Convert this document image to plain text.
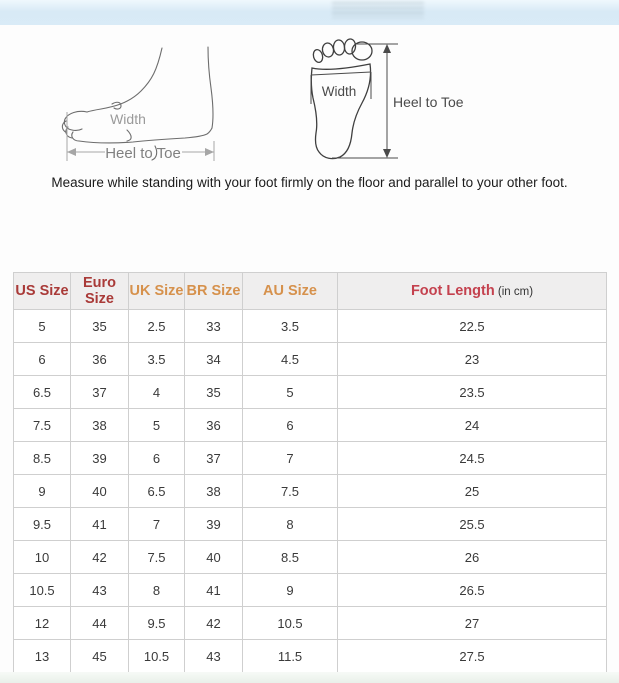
Width
Heel to Toe
Width
Heel to Toe
Measure while standing with your foot firmly on the floor and parallel to your other foot.
US Size	Euro Size	UK Size	BR Size	AU Size	Foot Length (in cm)
5	35	2.5	33	3.5	22.5
6	36	3.5	34	4.5	23
6.5	37	4	35	5	23.5
7.5	38	5	36	6	24
8.5	39	6	37	7	24.5
9	40	6.5	38	7.5	25
9.5	41	7	39	8	25.5
10	42	7.5	40	8.5	26
10.5	43	8	41	9	26.5
12	44	9.5	42	10.5	27
13	45	10.5	43	11.5	27.5
